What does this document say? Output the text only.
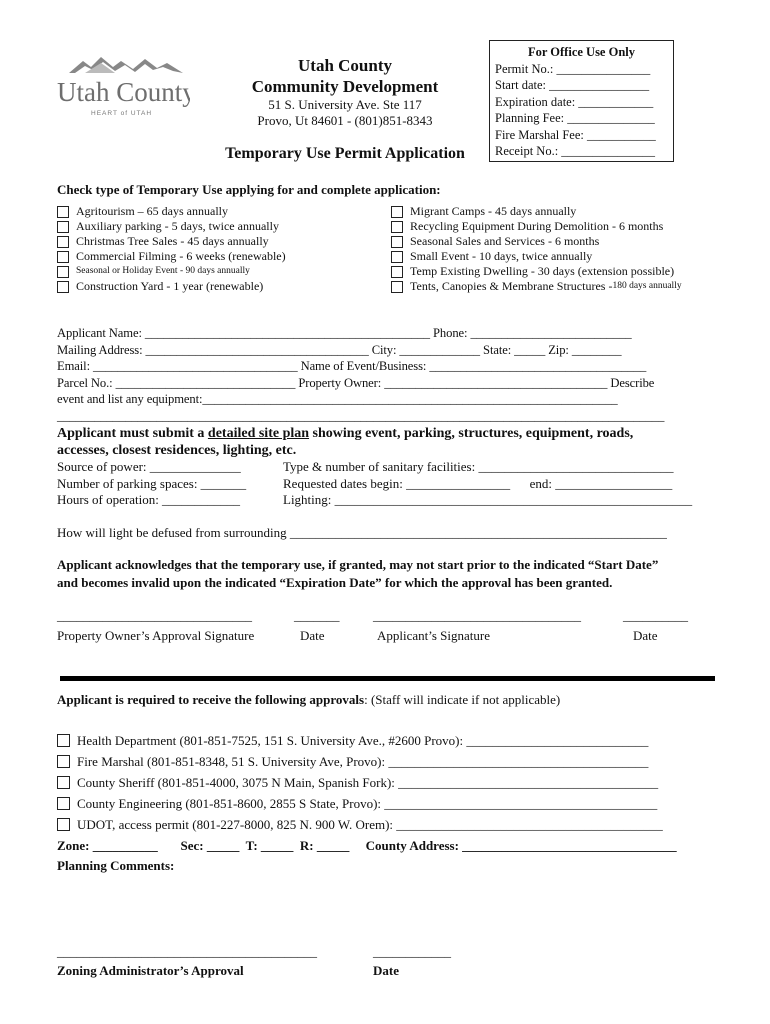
Utah County
HEART of UTAH
Utah County
Community Development
51 S. University Ave. Ste 117
Provo, Ut 84601 - (801)851-8343
Temporary Use Permit Application
For Office Use Only
Permit No.: _______________
Start date: ________________
Expiration date: ____________
Planning Fee: ______________
Fire Marshal Fee: ___________
Receipt No.: _______________
Check type of Temporary Use applying for and complete application:
Agritourism – 65 days annually
Auxiliary parking - 5 days, twice annually
Christmas Tree Sales - 45 days annually
Commercial Filming - 6 weeks (renewable)
Seasonal or Holiday Event - 90 days annually
Construction Yard - 1 year (renewable)
Migrant Camps - 45 days annually
Recycling Equipment During Demolition - 6 months
Seasonal Sales and Services - 6 months
Small Event - 10 days, twice annually
Temp Existing Dwelling - 30 days (extension possible)
Tents, Canopies & Membrane Structures - 180 days annually
Applicant Name: ______________________________________________ Phone: __________________________
Mailing Address: ____________________________________ City: _____________ State: _____ Zip: ________
Email: _________________________________ Name of Event/Business: ___________________________________
Parcel No.: _____________________________ Property Owner: ____________________________________ Describe
event and list any equipment:___________________________________________________________________
__________________________________________________________________________________________________
Applicant must submit a detailed site plan showing event, parking, structures, equipment, roads,
accesses, closest residences, lighting, etc.
Source of power: ______________
Number of parking spaces: _______
Hours of operation: ____________
Type & number of sanitary facilities: ______________________________
Requested dates begin: ________________      end: __________________
Lighting: _______________________________________________________
How will light be defused from surrounding __________________________________________________________
Applicant acknowledges that the temporary use, if granted, may not start prior to the indicated “Start Date”
and becomes invalid upon the indicated “Expiration Date” for which the approval has been granted.
______________________________
Property Owner’s Approval Signature
_______
Date
________________________________
Applicant’s Signature
__________
Date
Applicant is required to receive the following approvals: (Staff will indicate if not applicable)
Health Department (801-851-7525, 151 S. University Ave., #2600 Provo): ____________________________
Fire Marshal (801-851-8348, 51 S. University Ave, Provo): ________________________________________
County Sheriff (801-851-4000, 3075 N Main, Spanish Fork): ________________________________________
County Engineering (801-851-8600, 2855 S State, Provo): __________________________________________
UDOT, access permit (801-227-8000, 825 N. 900 W. Orem): _________________________________________
Zone: __________       Sec: _____  T: _____  R: _____     County Address: _________________________________
Planning Comments:
________________________________________
Zoning Administrator’s Approval
____________
Date
